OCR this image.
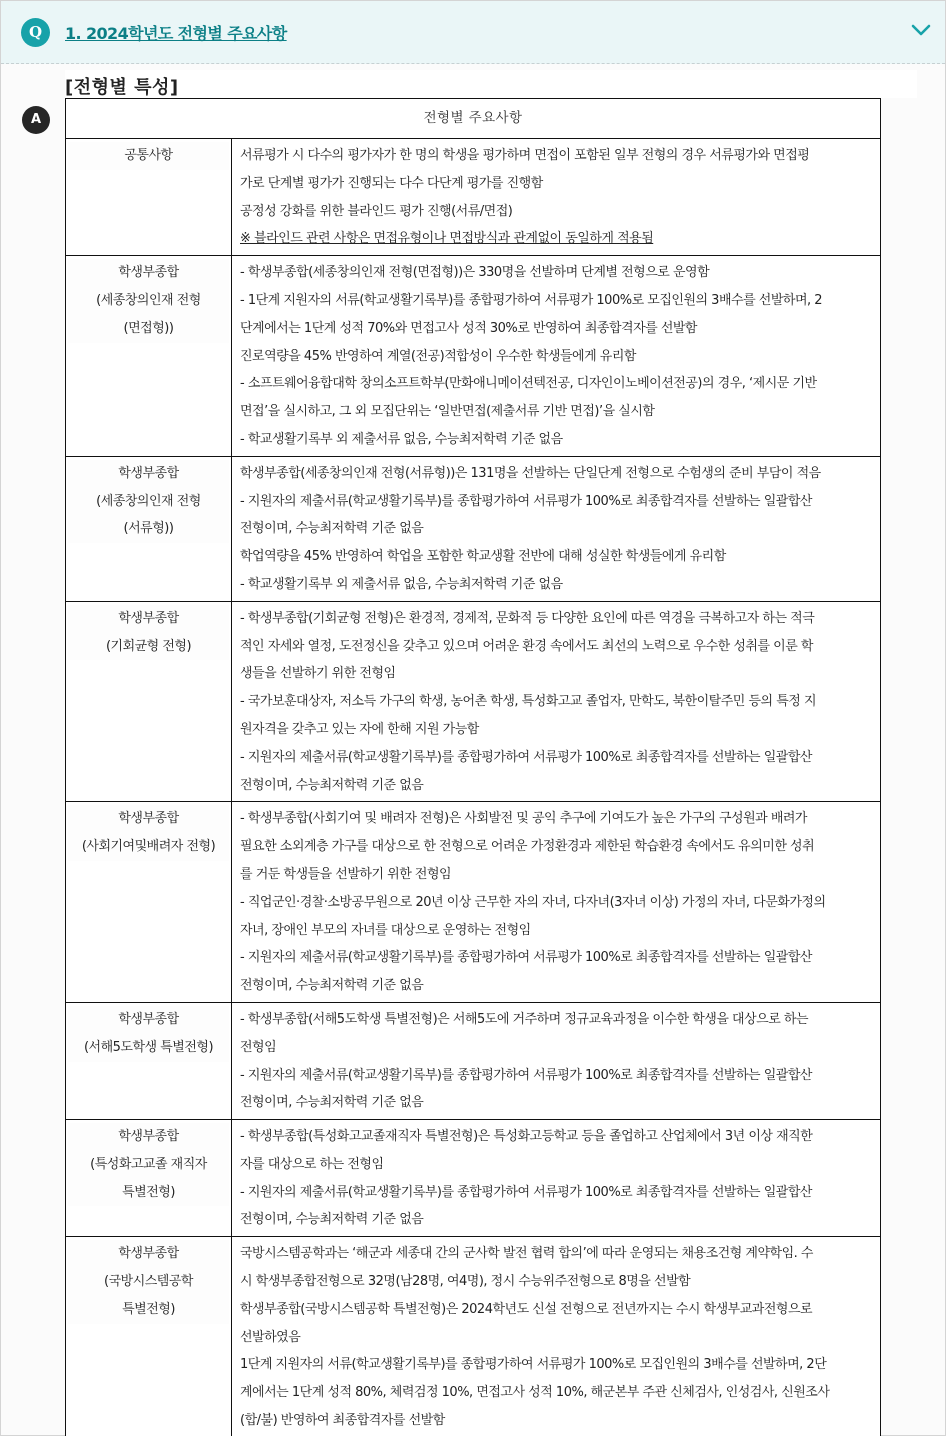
Q	1. 2024학년도 전형별 주요사항
A
[전형별 특성]
전형별 주요사항	

공통사항	서류평가 시 다수의 평가자가 한 명의 학생을 평가하며 면접이 포함된 일부 전형의 경우 서류평가와 면접평
가로 단계별 평가가 진행되는 다수 다단계 평가를 진행함
공정성 강화를 위한 블라인드 평가 진행(서류/면접)
※ 블라인드 관련 사항은 면접유형이나 면접방식과 관계없이 동일하게 적용됨

학생부종합
(세종창의인재 전형
(면접형))

- 학생부종합(세종창의인재 전형(면접형))은 330명을 선발하며 단계별 전형으로 운영함
- 1단계 지원자의 서류(학교생활기록부)를 종합평가하여 서류평가 100%로 모집인원의 3배수를 선발하며, 2
단계에서는 1단계 성적 70%와 면접고사 성적 30%로 반영하여 최종합격자를 선발함
진로역량을 45% 반영하여 계열(전공)적합성이 우수한 학생들에게 유리함
- 소프트웨어융합대학 창의소프트학부(만화애니메이션텍전공, 디자인이노베이션전공)의 경우, ‘제시문 기반
면접’을 실시하고, 그 외 모집단위는 ‘일반면접(제출서류 기반 면접)’을 실시함
- 학교생활기록부 외 제출서류 없음, 수능최저학력 기준 없음

학생부종합
(세종창의인재 전형
(서류형))

학생부종합(세종창의인재 전형(서류형))은 131명을 선발하는 단일단계 전형으로 수험생의 준비 부담이 적음
- 지원자의 제출서류(학교생활기록부)를 종합평가하여 서류평가 100%로 최종합격자를 선발하는 일괄합산
전형이며, 수능최저학력 기준 없음
학업역량을 45% 반영하여 학업을 포함한 학교생활 전반에 대해 성실한 학생들에게 유리함
- 학교생활기록부 외 제출서류 없음, 수능최저학력 기준 없음

학생부종합
(기회균형 전형)

- 학생부종합(기회균형 전형)은 환경적, 경제적, 문화적 등 다양한 요인에 따른 역경을 극복하고자 하는 적극
적인 자세와 열정, 도전정신을 갖추고 있으며 어려운 환경 속에서도 최선의 노력으로 우수한 성취를 이룬 학
생들을 선발하기 위한 전형임
- 국가보훈대상자, 저소득 가구의 학생, 농어촌 학생, 특성화고교 졸업자, 만학도, 북한이탈주민 등의 특정 지
원자격을 갖추고 있는 자에 한해 지원 가능함
- 지원자의 제출서류(학교생활기록부)를 종합평가하여 서류평가 100%로 최종합격자를 선발하는 일괄합산
전형이며, 수능최저학력 기준 없음

학생부종합
(사회기여및배려자 전형)

- 학생부종합(사회기여 및 배려자 전형)은 사회발전 및 공익 추구에 기여도가 높은 가구의 구성원과 배려가
필요한 소외계층 가구를 대상으로 한 전형으로 어려운 가정환경과 제한된 학습환경 속에서도 유의미한 성취
를 거둔 학생들을 선발하기 위한 전형임
- 직업군인·경찰·소방공무원으로 20년 이상 근무한 자의 자녀, 다자녀(3자녀 이상) 가정의 자녀, 다문화가정의
자녀, 장애인 부모의 자녀를 대상으로 운영하는 전형임
- 지원자의 제출서류(학교생활기록부)를 종합평가하여 서류평가 100%로 최종합격자를 선발하는 일괄합산
전형이며, 수능최저학력 기준 없음

학생부종합
(서해5도학생 특별전형)	- 학생부종합(서해5도학생 특별전형)은 서해5도에 거주하며 정규교육과정을 이수한 학생을 대상으로 하는
전형임
- 지원자의 제출서류(학교생활기록부)를 종합평가하여 서류평가 100%로 최종합격자를 선발하는 일괄합산
전형이며, 수능최저학력 기준 없음

학생부종합
(특성화고교졸 재직자
특별전형)	- 학생부종합(특성화고교졸재직자 특별전형)은 특성화고등학교 등을 졸업하고 산업체에서 3년 이상 재직한
자를 대상으로 하는 전형임
- 지원자의 제출서류(학교생활기록부)를 종합평가하여 서류평가 100%로 최종합격자를 선발하는 일괄합산
전형이며, 수능최저학력 기준 없음

학생부종합
(국방시스템공학
특별전형)

국방시스템공학과는 ‘해군과 세종대 간의 군사학 발전 협력 합의’에 따라 운영되는 채용조건형 계약학임. 수
시 학생부종합전형으로 32명(남28명, 여4명), 정시 수능위주전형으로 8명을 선발함
학생부종합(국방시스템공학 특별전형)은 2024학년도 신설 전형으로 전년까지는 수시 학생부교과전형으로
선발하였음
1단계 지원자의 서류(학교생활기록부)를 종합평가하여 서류평가 100%로 모집인원의 3배수를 선발하며, 2단
계에서는 1단계 성적 80%, 체력검정 10%, 면접고사 성적 10%, 해군본부 주관 신체검사, 인성검사, 신원조사
(합/불) 반영하여 최종합격자를 선발함
